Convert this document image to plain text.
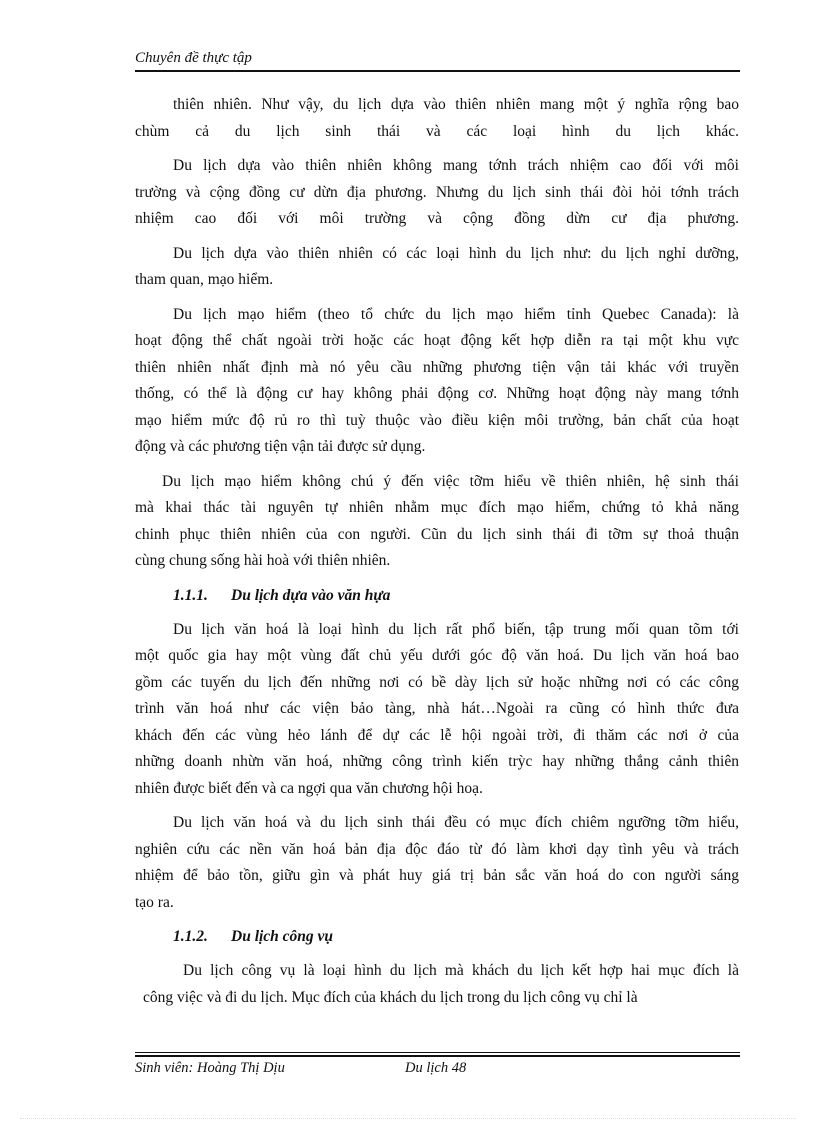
Chuyên đề thực tập
thiên nhiên. Như vậy, du lịch dựa vào thiên nhiên mang một ý nghĩa rộng bao
chùm cả du lịch sinh thái và các loại hình du lịch khác.
Du lịch dựa vào thiên nhiên không mang tớnh trách nhiệm cao đối với môi
trường và cộng đồng cư dừn địa phương. Nhưng du lịch sinh thái đòi hỏi tớnh trách
nhiệm cao đối với môi trường và cộng đồng dừn cư địa phương.
Du lịch dựa vào thiên nhiên có các loại hình du lịch như: du lịch nghỉ dưỡng,
tham quan, mạo hiểm.
Du lịch mạo hiểm (theo tổ chức du lịch mạo hiểm tỉnh Quebec Canada): là
hoạt động thể chất ngoài trời hoặc các hoạt động kết hợp diễn ra tại một khu vực
thiên nhiên nhất định mà nó yêu cầu những phương tiện vận tải khác với truyền
thống, có thể là động cư hay không phải động cơ. Những hoạt động này mang tớnh
mạo hiểm mức độ rủ ro thì tuỳ thuộc vào điều kiện môi trường, bản chất của hoạt
động và các phương tiện vận tải được sử dụng.
Du lịch mạo hiểm không chú ý đến việc tỡm hiểu về thiên nhiên, hệ sinh thái
mà khai thác tài nguyên tự nhiên nhằm mục đích mạo hiểm, chứng tỏ khả năng
chinh phục thiên nhiên của con người. Cũn du lịch sinh thái đi tỡm sự thoả thuận
cùng chung sống hài hoà với thiên nhiên.
1.1.1. Du lịch dựa vào văn hựa
Du lịch văn hoá là loại hình du lịch rất phổ biến, tập trung mối quan tõm tới
một quốc gia hay một vùng đất chủ yếu dưới góc độ văn hoá. Du lịch văn hoá bao
gồm các tuyến du lịch đến những nơi có bề dày lịch sử hoặc những nơi có các công
trình văn hoá như các viện bảo tàng, nhà hát…Ngoài ra cũng có hình thức đưa
khách đến các vùng hẻo lánh để dự các lễ hội ngoài trời, đi thăm các nơi ở của
những doanh nhừn văn hoá, những công trình kiến trỳc hay những thắng cảnh thiên
nhiên được biết đến và ca ngợi qua văn chương hội hoạ.
Du lịch văn hoá và du lịch sinh thái đều có mục đích chiêm ngưỡng tỡm hiểu,
nghiên cứu các nền văn hoá bản địa độc đáo từ đó làm khơi dạy tình yêu và trách
nhiệm để bảo tồn, giữu gìn và phát huy giá trị bản sắc văn hoá do con người sáng
tạo ra.
1.1.2. Du lịch công vụ
Du lịch công vụ là loại hình du lịch mà khách du lịch kết hợp hai mục đích là
công việc và đi du lịch. Mục đích của khách du lịch trong du lịch công vụ chỉ là
Sinh viên: Hoàng Thị Dịu	Du lịch 48
